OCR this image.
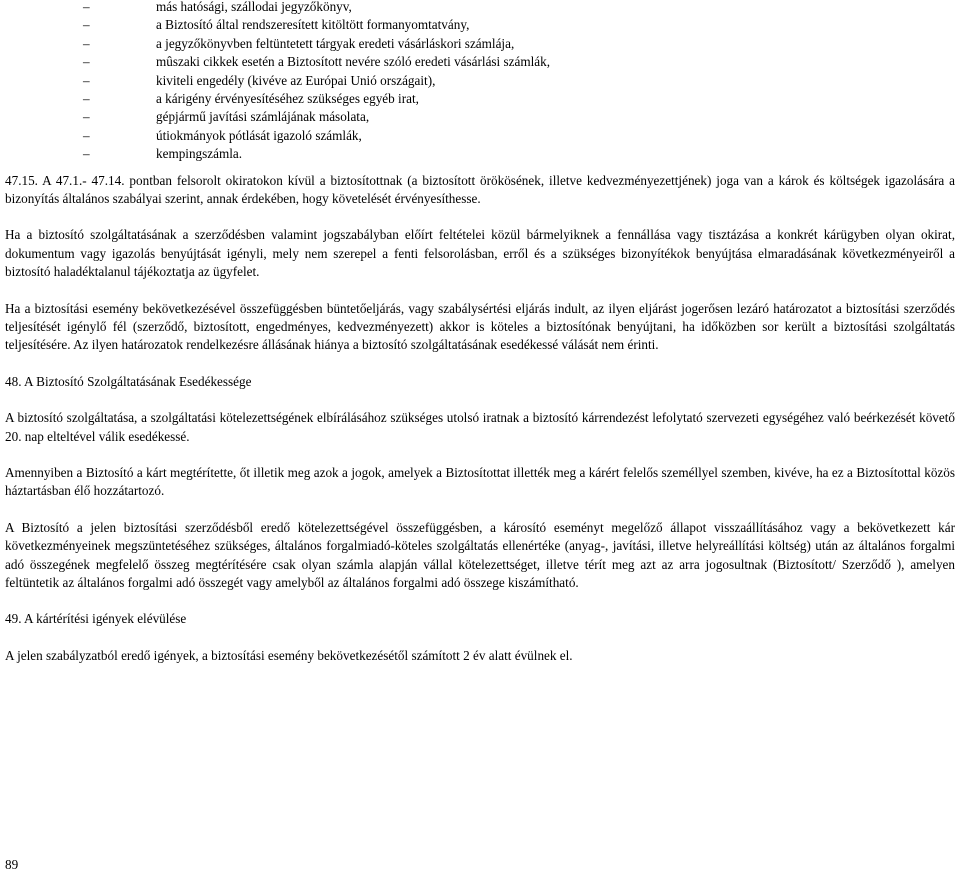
–	más hatósági, szállodai jegyzőkönyv,
–	a Biztosító által rendszeresített kitöltött formanyomtatvány,
–	a jegyzőkönyvben feltüntetett tárgyak eredeti vásárláskori számlája,
–	mûszaki cikkek esetén a Biztosított nevére szóló eredeti vásárlási számlák,
–	kiviteli engedély (kivéve az Európai Unió országait),
–	a kárigény érvényesítéséhez szükséges egyéb irat,
–	gépjármű javítási számlájának másolata,
–	útiokmányok pótlását igazoló számlák,
–	kempingszámla.

47.15. A 47.1.- 47.14. pontban felsorolt okiratokon kívül a biztosítottnak (a biztosított örökösének, illetve kedvezményezettjének) joga van a károk és költségek igazolására a bizonyítás általános szabályai szerint, annak érdekében, hogy követelését érvényesíthesse.

Ha a biztosító szolgáltatásának a szerződésben valamint jogszabályban előírt feltételei közül bármelyiknek a fennállása vagy tisztázása a konkrét kárügyben olyan okirat, dokumentum vagy igazolás benyújtását igényli, mely nem szerepel a fenti felsorolásban, erről és a szükséges bizonyítékok benyújtása elmaradásának következményeiről a biztosító haladéktalanul tájékoztatja az ügyfelet.

Ha a biztosítási esemény bekövetkezésével összefüggésben büntetőeljárás, vagy szabálysértési eljárás indult, az ilyen eljárást jogerősen lezáró határozatot a biztosítási szerződés teljesítését igénylő fél (szerződő, biztosított, engedményes, kedvezményezett) akkor is köteles a biztosítónak benyújtani, ha időközben sor került a biztosítási szolgáltatás teljesítésére. Az ilyen határozatok rendelkezésre állásának hiánya a biztosító szolgáltatásának esedékessé válását nem érinti.

48. A Biztosító Szolgáltatásának Esedékessége

A biztosító szolgáltatása, a szolgáltatási kötelezettségének elbírálásához szükséges utolsó iratnak a biztosító kárrendezést lefolytató szervezeti egységéhez való beérkezését követő 20. nap elteltével válik esedékessé.

Amennyiben a Biztosító a kárt megtérítette, őt illetik meg azok a jogok, amelyek a Biztosítottat illették meg a kárért felelős személlyel szemben, kivéve, ha ez a Biztosítottal közös háztartásban élő hozzátartozó.

A Biztosító a jelen biztosítási szerződésből eredő kötelezettségével összefüggésben, a károsító eseményt megelőző állapot visszaállításához vagy a bekövetkezett kár következményeinek megszüntetéséhez szükséges, általános forgalmiadó-köteles szolgáltatás ellenértéke (anyag-, javítási, illetve helyreállítási költség) után az általános forgalmi adó összegének megfelelő összeg megtérítésére csak olyan számla alapján vállal kötelezettséget, illetve térít meg azt az arra jogosultnak (Biztosított/ Szerződő ), amelyen feltüntetik az általános forgalmi adó összegét vagy amelyből az általános forgalmi adó összege kiszámítható.

49. A kártérítési igények elévülése

A jelen szabályzatból eredő igények, a biztosítási esemény bekövetkezésétől számított 2 év alatt évülnek el.

89
